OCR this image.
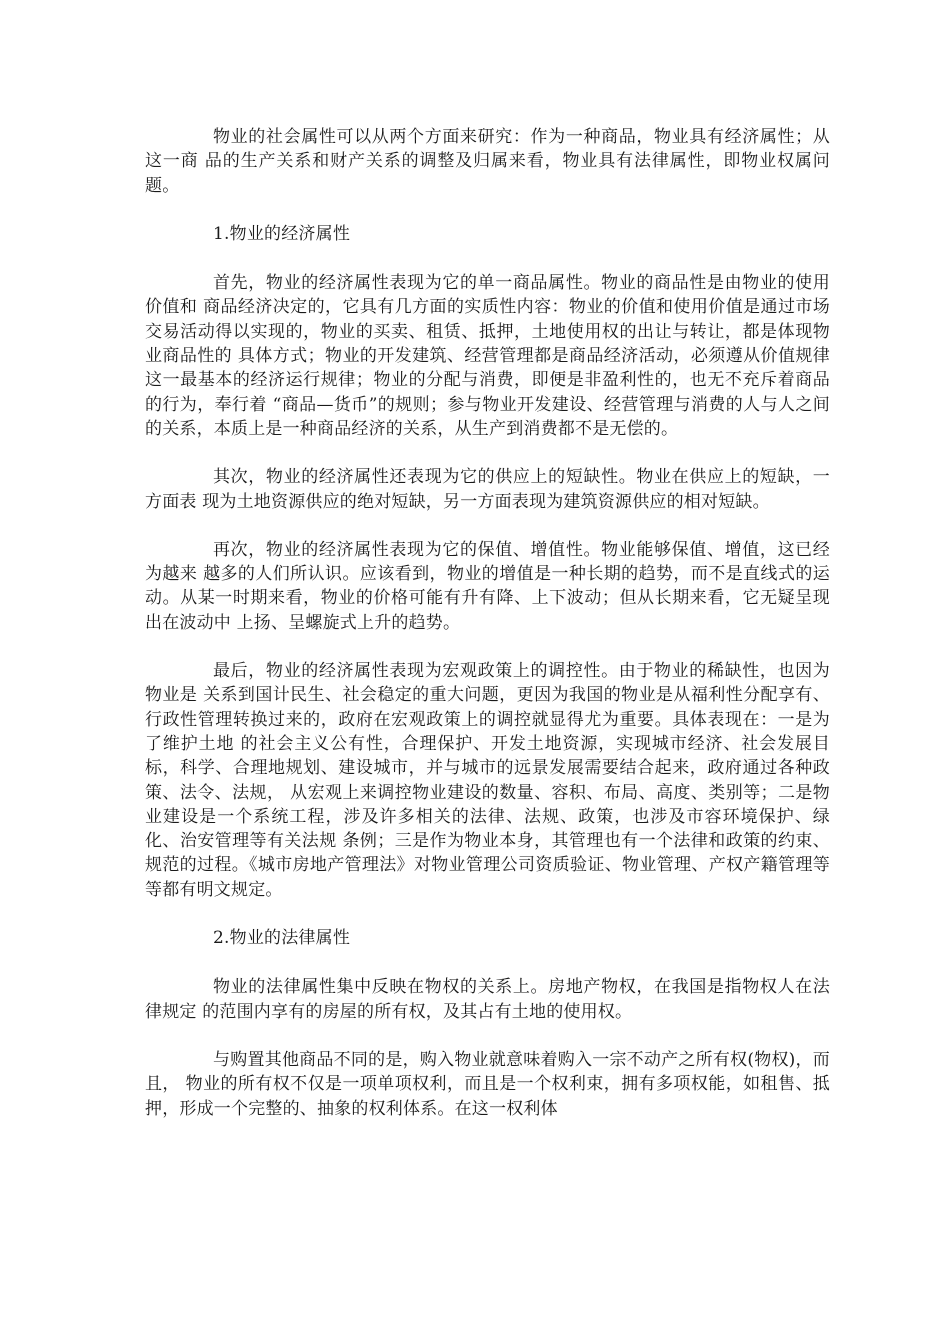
物业的社会属性可以从两个方面来研究：作为一种商品，物业具有经济属性；从这一商 品的生产关系和财产关系的调整及归属来看，物业具有法律属性，即物业权属问题。

1.物业的经济属性

首先，物业的经济属性表现为它的单一商品属性。物业的商品性是由物业的使用价值和 商品经济决定的，它具有几方面的实质性内容：物业的价值和使用价值是通过市场交易活动得以实现的，物业的买卖、租赁、抵押，土地使用权的出让与转让，都是体现物业商品性的 具体方式；物业的开发建筑、经营管理都是商品经济活动，必须遵从价值规律这一最基本的经济运行规律；物业的分配与消费，即便是非盈利性的，也无不充斥着商品的行为，奉行着 “商品—货币”的规则；参与物业开发建设、经营管理与消费的人与人之间的关系，本质上是一种商品经济的关系，从生产到消费都不是无偿的。

其次，物业的经济属性还表现为它的供应上的短缺性。物业在供应上的短缺，一方面表 现为土地资源供应的绝对短缺，另一方面表现为建筑资源供应的相对短缺。

再次，物业的经济属性表现为它的保值、增值性。物业能够保值、增值，这已经为越来 越多的人们所认识。应该看到，物业的增值是一种长期的趋势，而不是直线式的运动。从某一时期来看，物业的价格可能有升有降、上下波动；但从长期来看，它无疑呈现出在波动中 上扬、呈螺旋式上升的趋势。

最后，物业的经济属性表现为宏观政策上的调控性。由于物业的稀缺性，也因为物业是 关系到国计民生、社会稳定的重大问题，更因为我国的物业是从福利性分配享有、行政性管理转换过来的，政府在宏观政策上的调控就显得尤为重要。具体表现在：一是为了维护土地 的社会主义公有性，合理保护、开发土地资源，实现城市经济、社会发展目标，科学、合理地规划、建设城市，并与城市的远景发展需要结合起来，政府通过各种政策、法令、法规， 从宏观上来调控物业建设的数量、容积、布局、高度、类别等；二是物业建设是一个系统工程，涉及许多相关的法律、法规、政策，也涉及市容环境保护、绿化、治安管理等有关法规 条例；三是作为物业本身，其管理也有一个法律和政策的约束、规范的过程。《城市房地产管理法》对物业管理公司资质验证、物业管理、产权产籍管理等等都有明文规定。

2.物业的法律属性

物业的法律属性集中反映在物权的关系上。房地产物权，在我国是指物权人在法律规定 的范围内享有的房屋的所有权，及其占有土地的使用权。

与购置其他商品不同的是，购入物业就意味着购入一宗不动产之所有权(物权)，而且， 物业的所有权不仅是一项单项权利，而且是一个权利束，拥有多项权能，如租售、抵押，形成一个完整的、抽象的权利体系。在这一权利体
